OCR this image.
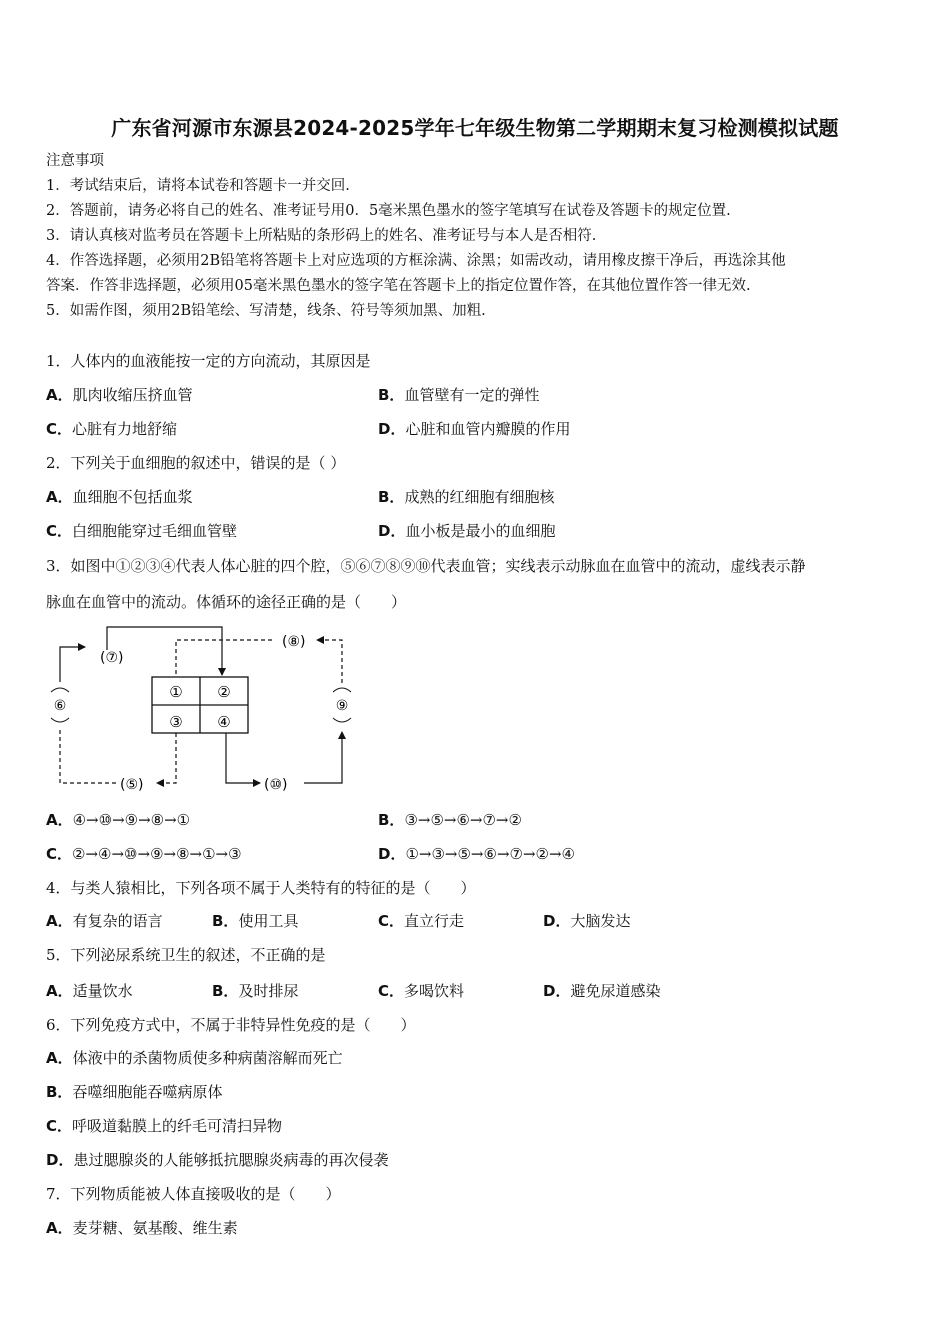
广东省河源市东源县2024-2025学年七年级生物第二学期期末复习检测模拟试题
注意事项
1．考试结束后，请将本试卷和答题卡一并交回.
2．答题前，请务必将自己的姓名、准考证号用0．5毫米黑色墨水的签字笔填写在试卷及答题卡的规定位置.
3．请认真核对监考员在答题卡上所粘贴的条形码上的姓名、准考证号与本人是否相符.
4．作答选择题，必须用2B铅笔将答题卡上对应选项的方框涂满、涂黑；如需改动，请用橡皮擦干净后，再选涂其他
答案．作答非选择题，必须用05毫米黑色墨水的签字笔在答题卡上的指定位置作答，在其他位置作答一律无效.
5．如需作图，须用2B铅笔绘、写清楚，线条、符号等须加黑、加粗.
1．人体内的血液能按一定的方向流动，其原因是
A．肌肉收缩压挤血管	B．血管壁有一定的弹性
C．心脏有力地舒缩	D．心脏和血管内瓣膜的作用
2．下列关于血细胞的叙述中，错误的是（ ）
A．血细胞不包括血浆	B．成熟的红细胞有细胞核
C．白细胞能穿过毛细血管壁	D．血小板是最小的血细胞
3．如图中①②③④代表人体心脏的四个腔，⑤⑥⑦⑧⑨⑩代表血管；实线表示动脉血在血管中的流动，虚线表示静
脉血在血管中的流动。体循环的途径正确的是（　　）
① ②
③ ④
(⑦)
(⑧)
(⑤)	(⑩)
⑥	⑨
A．④→⑩→⑨→⑧→①	B．③→⑤→⑥→⑦→②
C．②→④→⑩→⑨→⑧→①→③	D．①→③→⑤→⑥→⑦→②→④
4．与类人猿相比，下列各项不属于人类特有的特征的是（　　）
A．有复杂的语言	B．使用工具	C．直立行走	D．大脑发达
5．下列泌尿系统卫生的叙述，不正确的是
A．适量饮水	B．及时排尿	C．多喝饮料	D．避免尿道感染
6．下列免疫方式中，不属于非特异性免疫的是（　　）
A．体液中的杀菌物质使多种病菌溶解而死亡
B．吞噬细胞能吞噬病原体
C．呼吸道黏膜上的纤毛可清扫异物
D．患过腮腺炎的人能够抵抗腮腺炎病毒的再次侵袭
7．下列物质能被人体直接吸收的是（　　）
A．麦芽糖、氨基酸、维生素
